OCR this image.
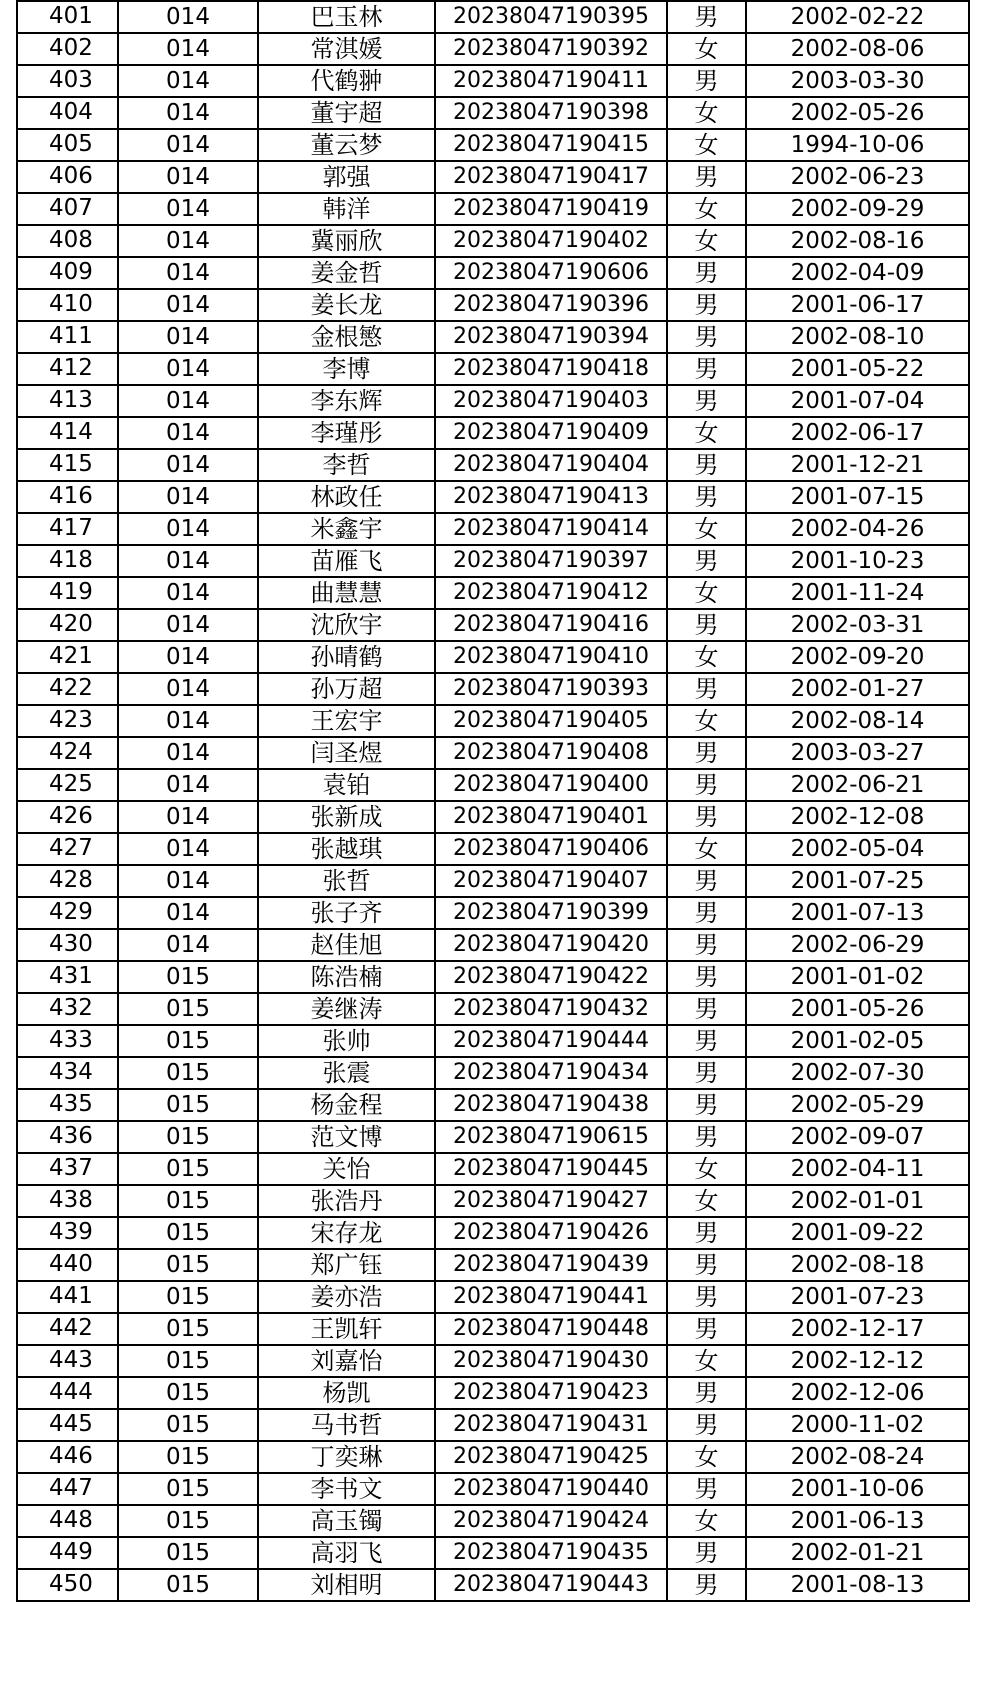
401	014	巴玉林	20238047190395	男	2002-02-22
402	014	常淇媛	20238047190392	女	2002-08-06
403	014	代鹤翀	20238047190411	男	2003-03-30
404	014	董宇超	20238047190398	女	2002-05-26
405	014	董云梦	20238047190415	女	1994-10-06
406	014	郭强	20238047190417	男	2002-06-23
407	014	韩洋	20238047190419	女	2002-09-29
408	014	冀丽欣	20238047190402	女	2002-08-16
409	014	姜金哲	20238047190606	男	2002-04-09
410	014	姜长龙	20238047190396	男	2001-06-17
411	014	金根慜	20238047190394	男	2002-08-10
412	014	李博	20238047190418	男	2001-05-22
413	014	李东辉	20238047190403	男	2001-07-04
414	014	李瑾彤	20238047190409	女	2002-06-17
415	014	李哲	20238047190404	男	2001-12-21
416	014	林政任	20238047190413	男	2001-07-15
417	014	米鑫宇	20238047190414	女	2002-04-26
418	014	苗雁飞	20238047190397	男	2001-10-23
419	014	曲慧慧	20238047190412	女	2001-11-24
420	014	沈欣宇	20238047190416	男	2002-03-31
421	014	孙晴鹤	20238047190410	女	2002-09-20
422	014	孙万超	20238047190393	男	2002-01-27
423	014	王宏宇	20238047190405	女	2002-08-14
424	014	闫圣煜	20238047190408	男	2003-03-27
425	014	袁铂	20238047190400	男	2002-06-21
426	014	张新成	20238047190401	男	2002-12-08
427	014	张越琪	20238047190406	女	2002-05-04
428	014	张哲	20238047190407	男	2001-07-25
429	014	张子齐	20238047190399	男	2001-07-13
430	014	赵佳旭	20238047190420	男	2002-06-29
431	015	陈浩楠	20238047190422	男	2001-01-02
432	015	姜继涛	20238047190432	男	2001-05-26
433	015	张帅	20238047190444	男	2001-02-05
434	015	张震	20238047190434	男	2002-07-30
435	015	杨金程	20238047190438	男	2002-05-29
436	015	范文博	20238047190615	男	2002-09-07
437	015	关怡	20238047190445	女	2002-04-11
438	015	张浩丹	20238047190427	女	2002-01-01
439	015	宋存龙	20238047190426	男	2001-09-22
440	015	郑广钰	20238047190439	男	2002-08-18
441	015	姜亦浩	20238047190441	男	2001-07-23
442	015	王凯轩	20238047190448	男	2002-12-17
443	015	刘嘉怡	20238047190430	女	2002-12-12
444	015	杨凯	20238047190423	男	2002-12-06
445	015	马书哲	20238047190431	男	2000-11-02
446	015	丁奕琳	20238047190425	女	2002-08-24
447	015	李书文	20238047190440	男	2001-10-06
448	015	高玉镯	20238047190424	女	2001-06-13
449	015	高羽飞	20238047190435	男	2002-01-21
450	015	刘相明	20238047190443	男	2001-08-13
